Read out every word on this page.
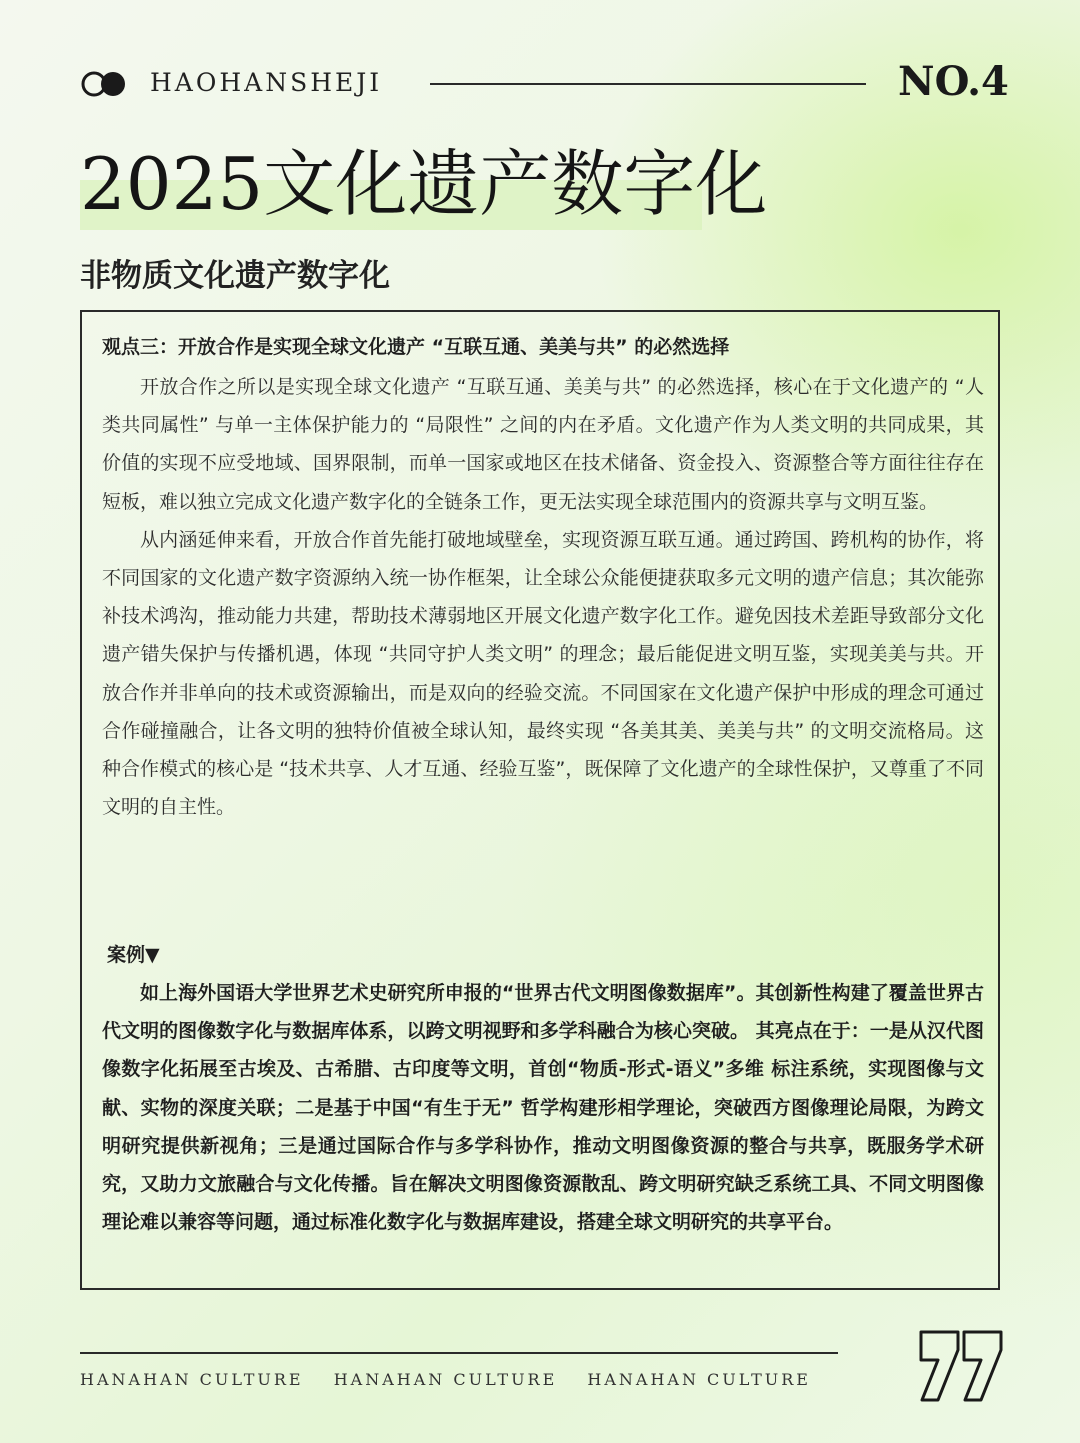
HAOHANSHEJI	NO.4
2025文化遗产数字化
非物质文化遗产数字化
观点三：开放合作是实现全球文化遗产 “互联互通、美美与共” 的必然选择

开放合作之所以是实现全球文化遗产 “互联互通、美美与共” 的必然选择，核心在于文化遗产的 “人类共同属性” 与单一主体保护能力的 “局限性” 之间的内在矛盾。文化遗产作为人类文明的共同成果，其价值的实现不应受地域、国界限制，而单一国家或地区在技术储备、资金投入、资源整合等方面往往存在短板，难以独立完成文化遗产数字化的全链条工作，更无法实现全球范围内的资源共享与文明互鉴。

从内涵延伸来看，开放合作首先能打破地域壁垒，实现资源互联互通。通过跨国、跨机构的协作，将不同国家的文化遗产数字资源纳入统一协作框架，让全球公众能便捷获取多元文明的遗产信息；其次能弥补技术鸿沟，推动能力共建，帮助技术薄弱地区开展文化遗产数字化工作。避免因技术差距导致部分文化遗产错失保护与传播机遇，体现 “共同守护人类文明” 的理念；最后能促进文明互鉴，实现美美与共。开放合作并非单向的技术或资源输出，而是双向的经验交流。不同国家在文化遗产保护中形成的理念可通过合作碰撞融合，让各文明的独特价值被全球认知，最终实现 “各美其美、美美与共” 的文明交流格局。这种合作模式的核心是 “技术共享、人才互通、经验互鉴”，既保障了文化遗产的全球性保护，又尊重了不同文明的自主性。

案例▼

如上海外国语大学世界艺术史研究所申报的“世界古代文明图像数据库”。其创新性构建了覆盖世界古代文明的图像数字化与数据库体系，以跨文明视野和多学科融合为核心突破。 其亮点在于：一是从汉代图像数字化拓展至古埃及、古希腊、古印度等文明，首创“物质-形式-语义”多维 标注系统，实现图像与文献、实物的深度关联；二是基于中国“有生于无” 哲学构建形相学理论，突破西方图像理论局限，为跨文明研究提供新视角；三是通过国际合作与多学科协作，推动文明图像资源的整合与共享，既服务学术研究，又助力文旅融合与文化传播。旨在解决文明图像资源散乱、跨文明研究缺乏系统工具、不同文明图像理论难以兼容等问题，通过标准化数字化与数据库建设，搭建全球文明研究的共享平台。

HANAHAN CULTURE HANAHAN CULTURE HANAHAN CULTURE
